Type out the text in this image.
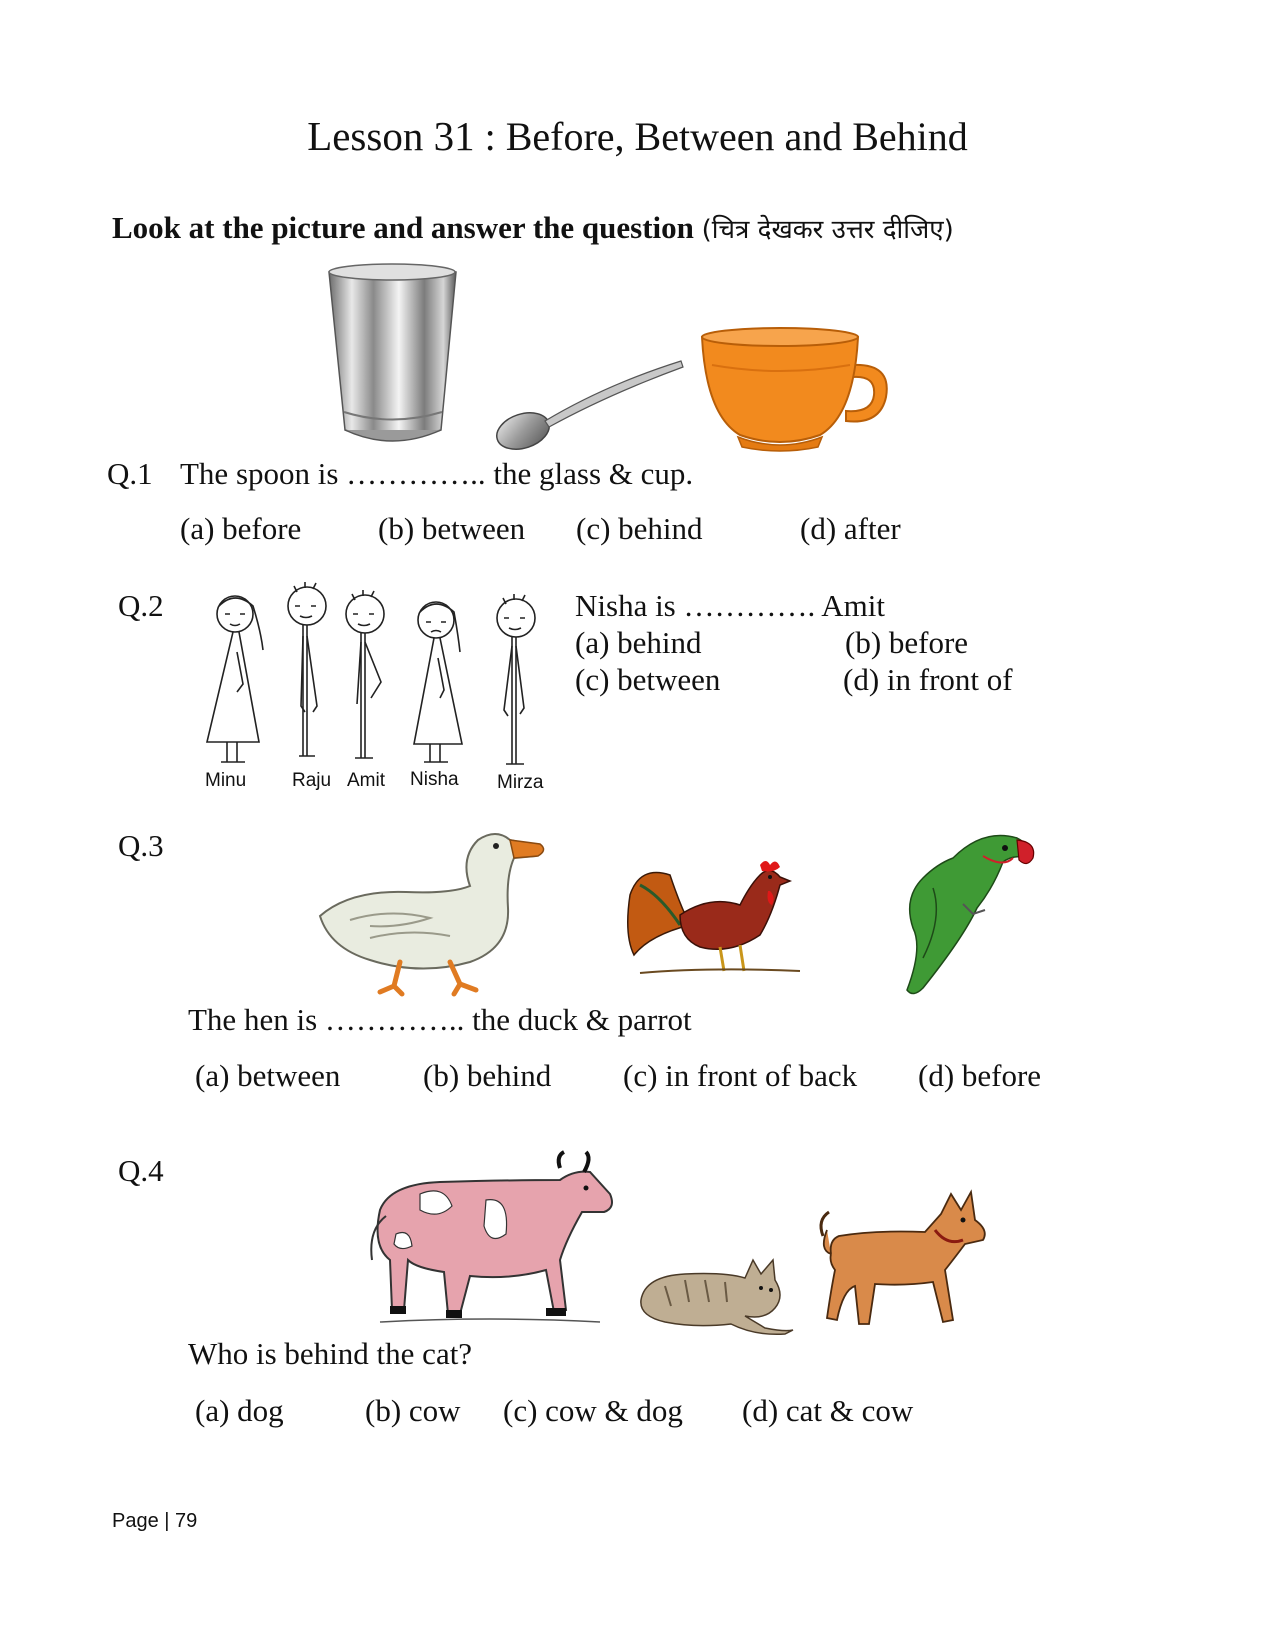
Lesson 31 : Before, Between and Behind
Look at the picture and answer the question (चित्र देखकर उत्तर दीजिए)
Q.1 The spoon is ………….. the glass & cup.
(a) before (b) between (c) behind	(d) after
Q.2
Minu Raju Amit Nisha Mirza
Nisha is …………. Amit
(a) behind	(b) before
(c) between	(d) in front of
Q.3
The hen is ………….. the duck & parrot
(a) between	(b) behind (c) in front of back (d) before
Q.4
Who is behind the cat?
(a) dog	(b) cow (c) cow & dog (d) cat & cow
Page | 79
